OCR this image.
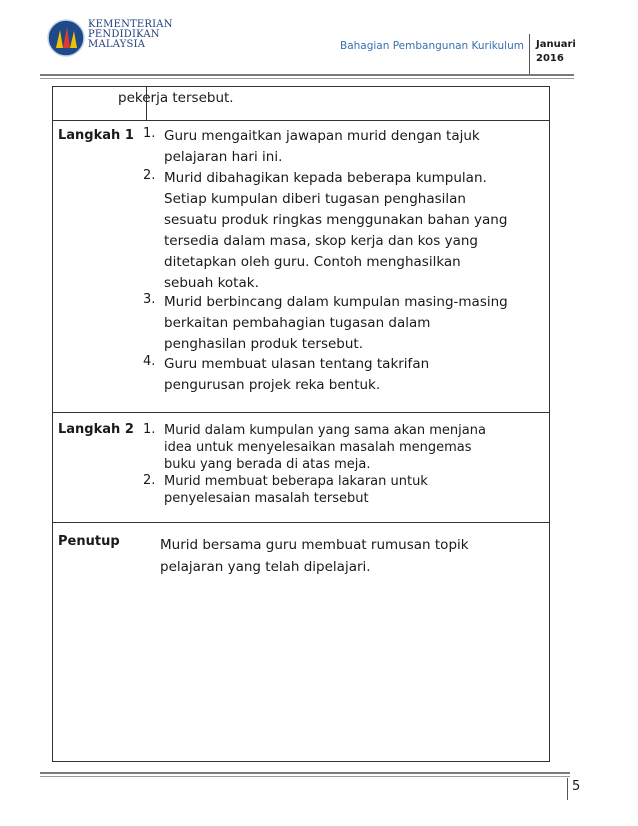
KEMENTERIAN
PENDIDIKAN
MALAYSIA	Bahagian Pembangunan Kurikulum Januari
2016
pekerja tersebut.
Langkah 1 1. Guru mengaitkan jawapan murid dengan tajuk
pelajaran hari ini.
2. Murid dibahagikan kepada beberapa kumpulan.
Setiap kumpulan diberi tugasan penghasilan
sesuatu produk ringkas menggunakan bahan yang
tersedia dalam masa, skop kerja dan kos yang
ditetapkan oleh guru. Contoh menghasilkan
sebuah kotak.
3. Murid berbincang dalam kumpulan masing-masing
berkaitan pembahagian tugasan dalam
penghasilan produk tersebut.
4. Guru membuat ulasan tentang takrifan
pengurusan projek reka bentuk.
Langkah 2 1. Murid dalam kumpulan yang sama akan menjana
idea untuk menyelesaikan masalah mengemas
buku yang berada di atas meja.
2. Murid membuat beberapa lakaran untuk
penyelesaian masalah tersebut
Penutup	Murid bersama guru membuat rumusan topik
pelajaran yang telah dipelajari.
5
